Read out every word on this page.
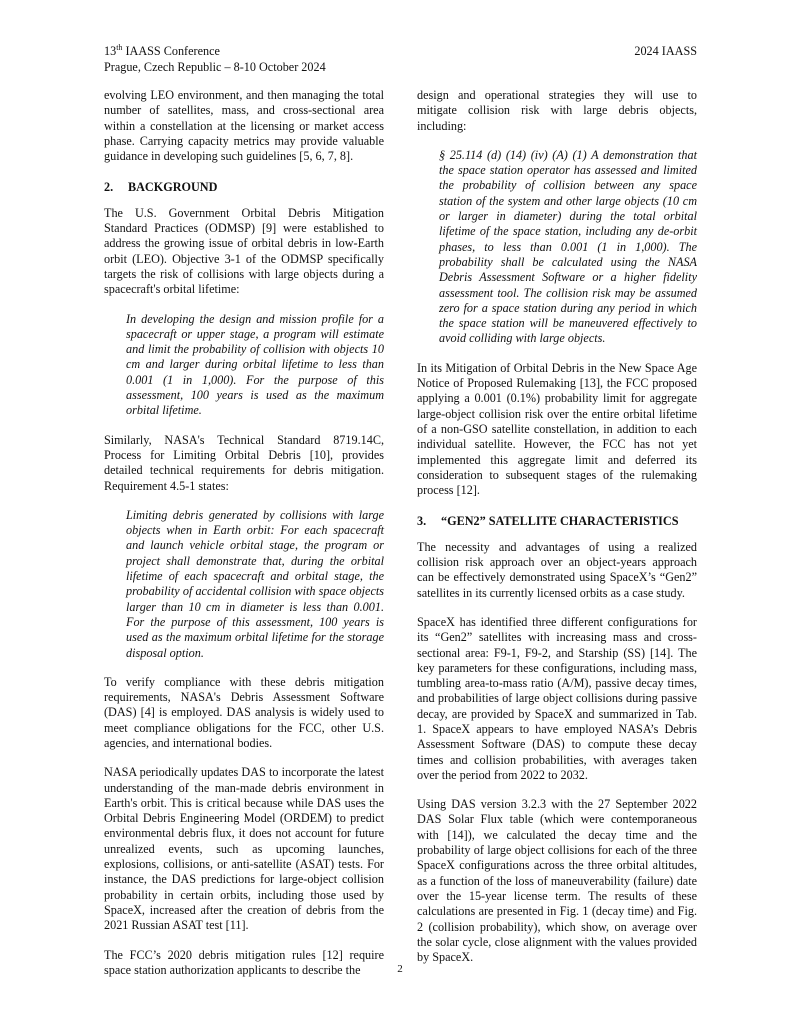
13th IAASS Conference
Prague, Czech Republic – 8-10 October 2024
2024 IAASS

evolving LEO environment, and then managing the total number of satellites, mass, and cross-sectional area within a constellation at the licensing or market access phase. Carrying capacity metrics may provide valuable guidance in developing such guidelines [5, 6, 7, 8].

2. BACKGROUND

The U.S. Government Orbital Debris Mitigation Standard Practices (ODMSP) [9] were established to address the growing issue of orbital debris in low-Earth orbit (LEO). Objective 3-1 of the ODMSP specifically targets the risk of collisions with large objects during a spacecraft's orbital lifetime:

In developing the design and mission profile for a spacecraft or upper stage, a program will estimate and limit the probability of collision with objects 10 cm and larger during orbital lifetime to less than 0.001 (1 in 1,000). For the purpose of this assessment, 100 years is used as the maximum orbital lifetime.

Similarly, NASA's Technical Standard 8719.14C, Process for Limiting Orbital Debris [10], provides detailed technical requirements for debris mitigation. Requirement 4.5-1 states:

Limiting debris generated by collisions with large objects when in Earth orbit: For each spacecraft and launch vehicle orbital stage, the program or project shall demonstrate that, during the orbital lifetime of each spacecraft and orbital stage, the probability of accidental collision with space objects larger than 10 cm in diameter is less than 0.001. For the purpose of this assessment, 100 years is used as the maximum orbital lifetime for the storage disposal option.

To verify compliance with these debris mitigation requirements, NASA's Debris Assessment Software (DAS) [4] is employed. DAS analysis is widely used to meet compliance obligations for the FCC, other U.S. agencies, and international bodies.

NASA periodically updates DAS to incorporate the latest understanding of the man-made debris environment in Earth's orbit. This is critical because while DAS uses the Orbital Debris Engineering Model (ORDEM) to predict environmental debris flux, it does not account for future unrealized events, such as upcoming launches, explosions, collisions, or anti-satellite (ASAT) tests. For instance, the DAS predictions for large-object collision probability in certain orbits, including those used by SpaceX, increased after the creation of debris from the 2021 Russian ASAT test [11].

The FCC’s 2020 debris mitigation rules [12] require space station authorization applicants to describe the

design and operational strategies they will use to mitigate collision risk with large debris objects, including:

§ 25.114 (d) (14) (iv) (A) (1) A demonstration that the space station operator has assessed and limited the probability of collision between any space station of the system and other large objects (10 cm or larger in diameter) during the total orbital lifetime of the space station, including any de-orbit phases, to less than 0.001 (1 in 1,000). The probability shall be calculated using the NASA Debris Assessment Software or a higher fidelity assessment tool. The collision risk may be assumed zero for a space station during any period in which the space station will be maneuvered effectively to avoid colliding with large objects.

In its Mitigation of Orbital Debris in the New Space Age Notice of Proposed Rulemaking [13], the FCC proposed applying a 0.001 (0.1%) probability limit for aggregate large-object collision risk over the entire orbital lifetime of a non-GSO satellite constellation, in addition to each individual satellite. However, the FCC has not yet implemented this aggregate limit and deferred its consideration to subsequent stages of the rulemaking process [12].

3. “GEN2” SATELLITE CHARACTERISTICS

The necessity and advantages of using a realized collision risk approach over an object-years approach can be effectively demonstrated using SpaceX’s “Gen2” satellites in its currently licensed orbits as a case study.

SpaceX has identified three different configurations for its “Gen2” satellites with increasing mass and cross-sectional area: F9-1, F9-2, and Starship (SS) [14]. The key parameters for these configurations, including mass, tumbling area-to-mass ratio (A/M), passive decay times, and probabilities of large object collisions during passive decay, are provided by SpaceX and summarized in Tab. 1. SpaceX appears to have employed NASA’s Debris Assessment Software (DAS) to compute these decay times and collision probabilities, with averages taken over the period from 2022 to 2032.

Using DAS version 3.2.3 with the 27 September 2022 DAS Solar Flux table (which were contemporaneous with [14]), we calculated the decay time and the probability of large object collisions for each of the three SpaceX configurations across the three orbital altitudes, as a function of the loss of maneuverability (failure) date over the 15-year license term. The results of these calculations are presented in Fig. 1 (decay time) and Fig. 2 (collision probability), which show, on average over the solar cycle, close alignment with the values provided by SpaceX.

2
